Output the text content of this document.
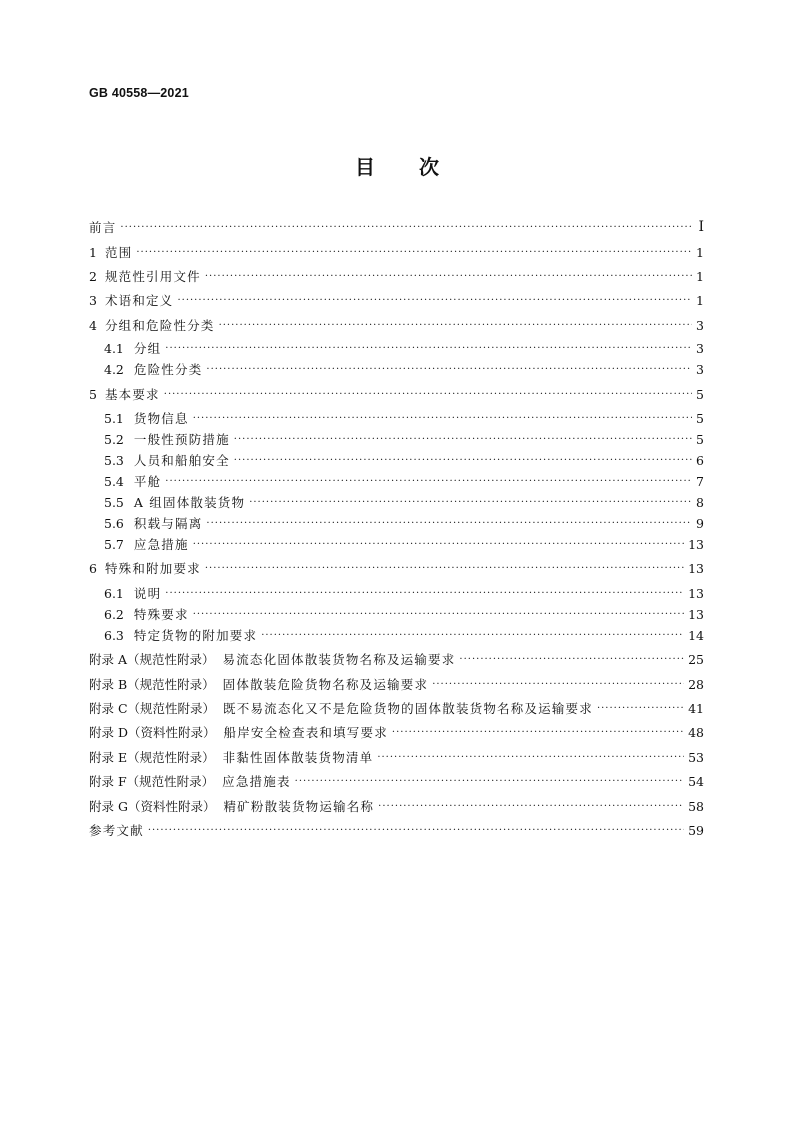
GB 40558—2021
目 次
前言 ·····	I
1 范围 ·····	1
2 规范性引用文件 ·····	1
3 术语和定义 ·····	1
4 分组和危险性分类 ·····	3
4.1 分组 ·····	3
4.2 危险性分类 ·····	3
5 基本要求 ·····	5
5.1 货物信息 ·····	5
5.2 一般性预防措施 ·····	5
5.3 人员和船舶安全 ·····	6
5.4 平舱 ·····	7
5.5 A 组固体散装货物 ·····	8
5.6 积载与隔离 ·····	9
5.7 应急措施 ·····	13
6 特殊和附加要求 ·····	13
6.1 说明 ·····	13
6.2 特殊要求 ·····	13
6.3 特定货物的附加要求 ·····	14
附录 A（规范性附录） 易流态化固体散装货物名称及运输要求 ·····	25
附录 B（规范性附录） 固体散装危险货物名称及运输要求 ·····	28
附录 C（规范性附录） 既不易流态化又不是危险货物的固体散装货物名称及运输要求 ·····	41
附录 D（资料性附录） 船岸安全检查表和填写要求 ·····	48
附录 E（规范性附录） 非黏性固体散装货物清单 ·····	53
附录 F（规范性附录） 应急措施表 ·····	54
附录 G（资料性附录） 精矿粉散装货物运输名称 ·····	58
参考文献 ·····	59
